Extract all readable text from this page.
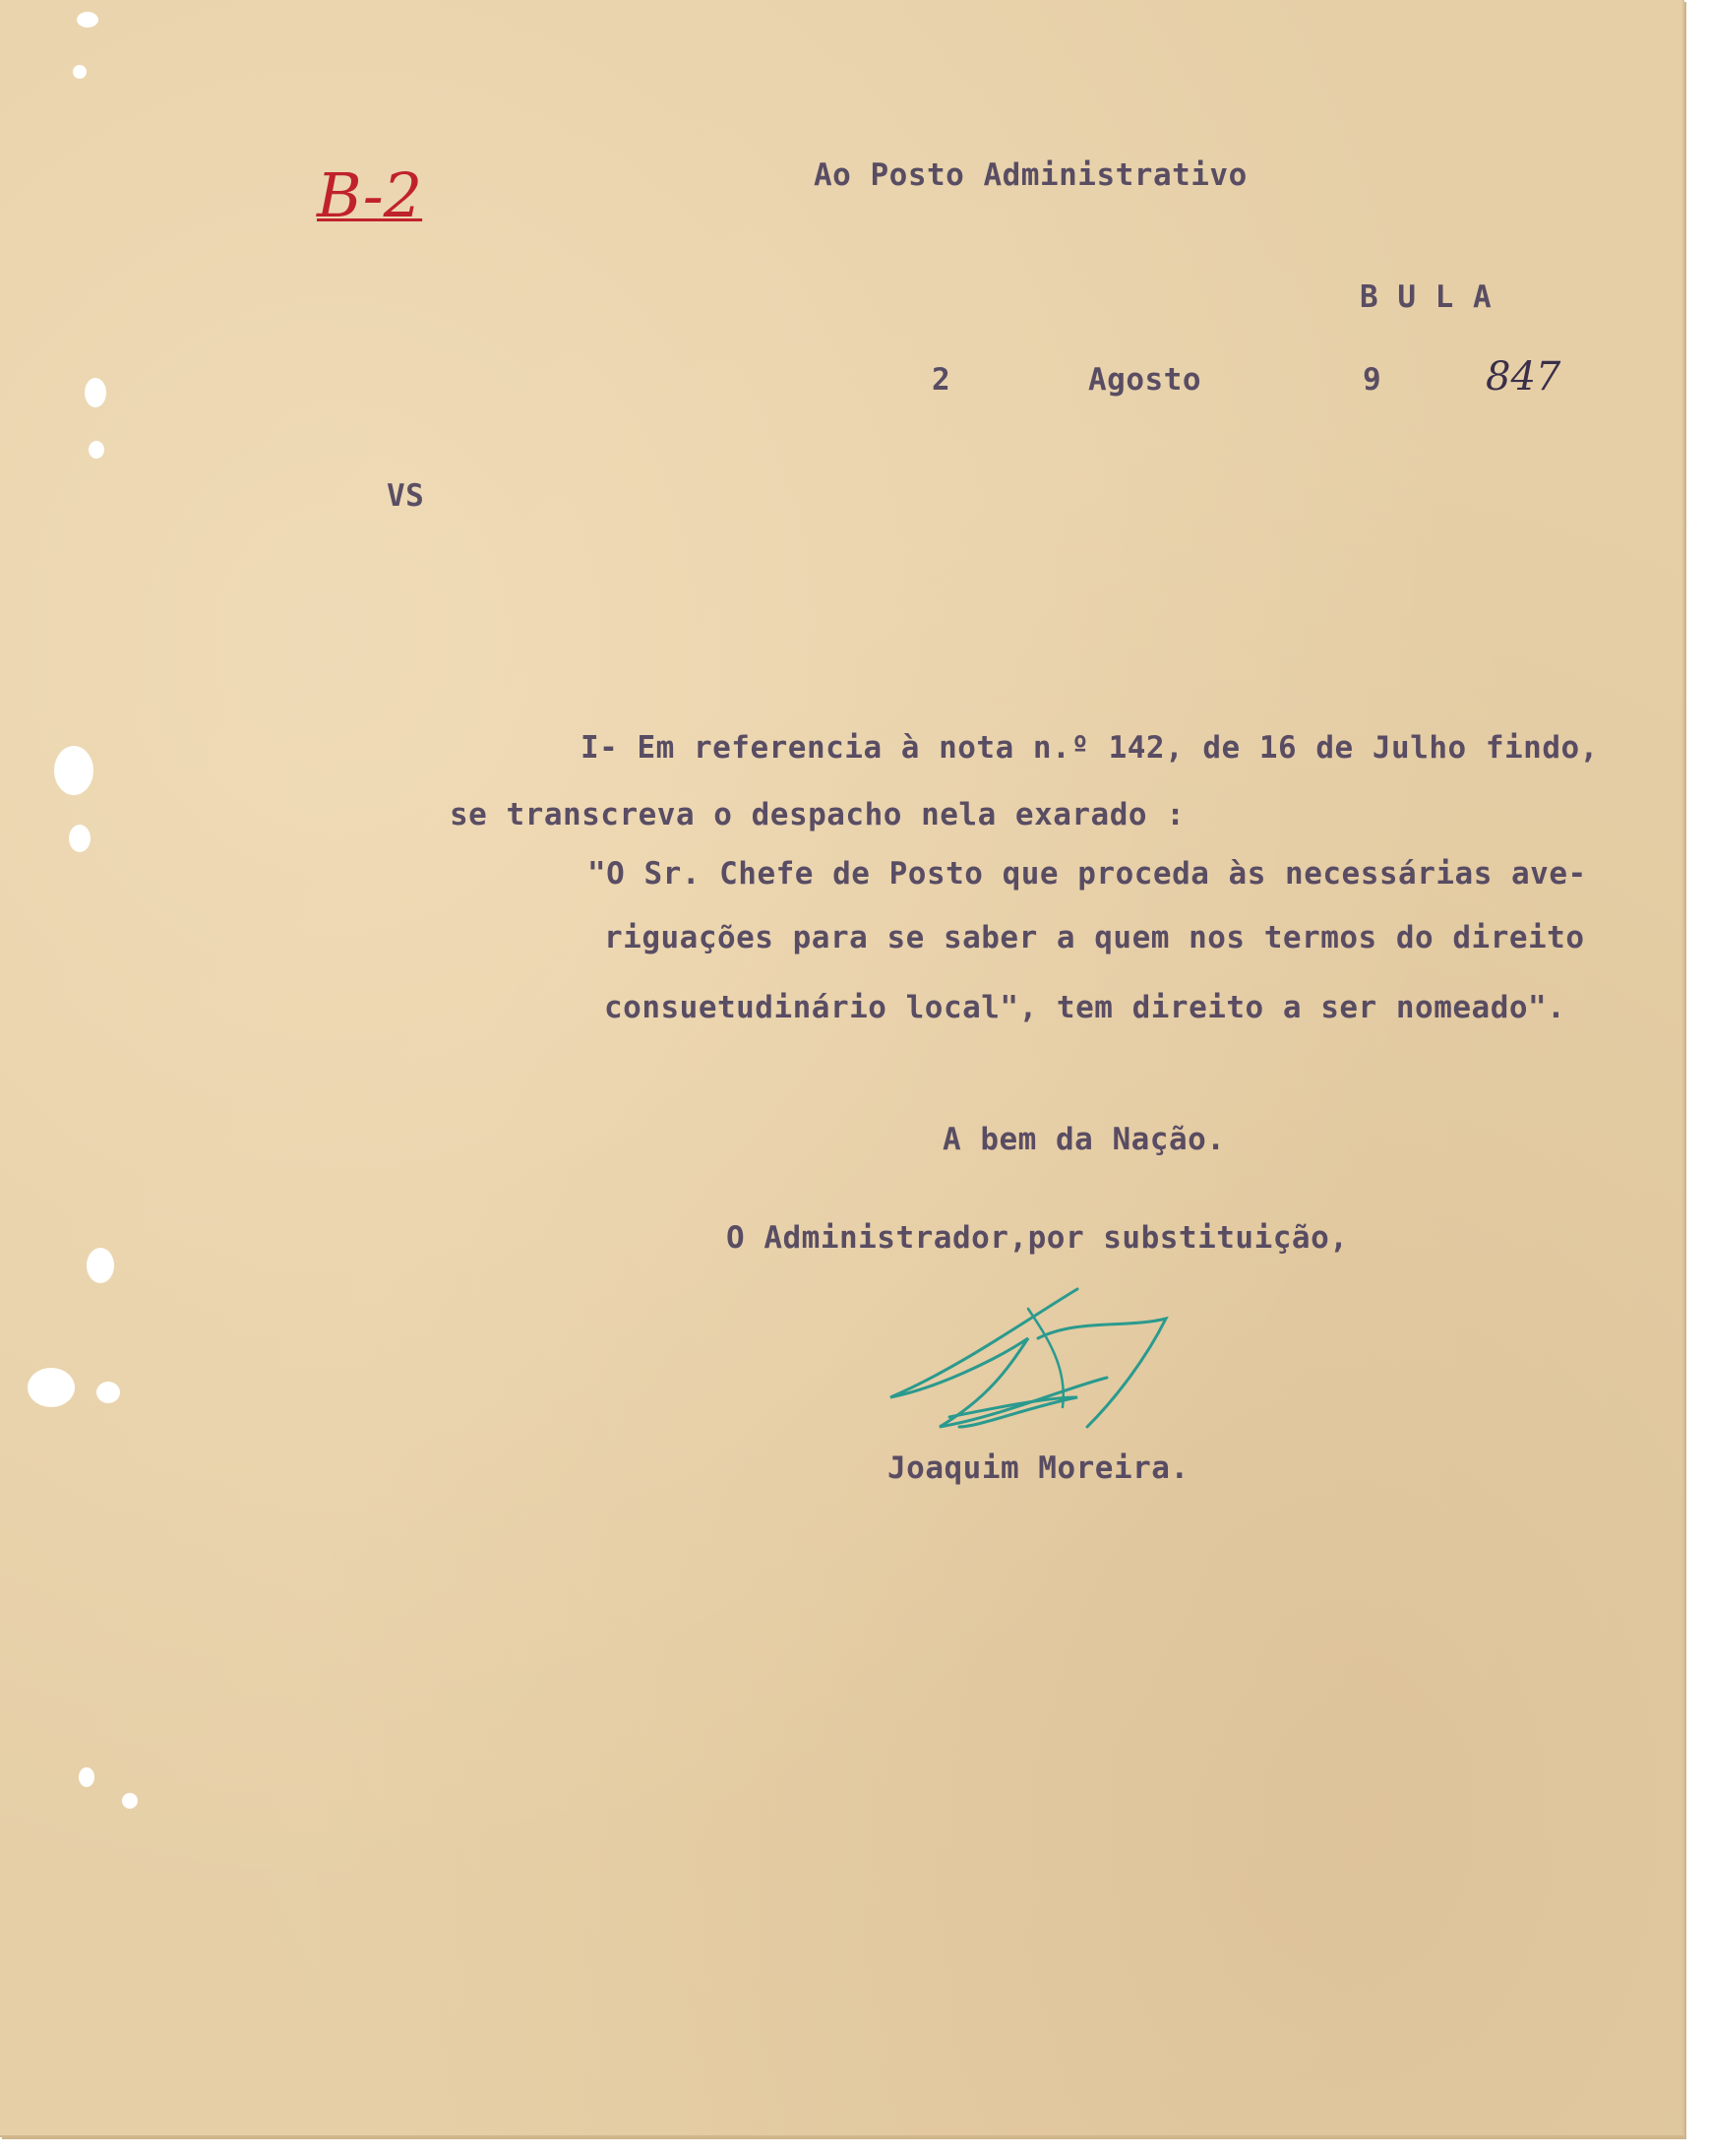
B-2	Ao Posto Administrativo
B U L A
2	Agosto	9	847
VS
I- Em referencia à nota n.º 142, de 16 de Julho findo,
se transcreva o despacho nela exarado :
"O Sr. Chefe de Posto que proceda às necessárias ave-
riguações para se saber a quem nos termos do direito
consuetudinário local", tem direito a ser nomeado".
A bem da Nação.
O Administrador,por substituição,
Joaquim Moreira.
